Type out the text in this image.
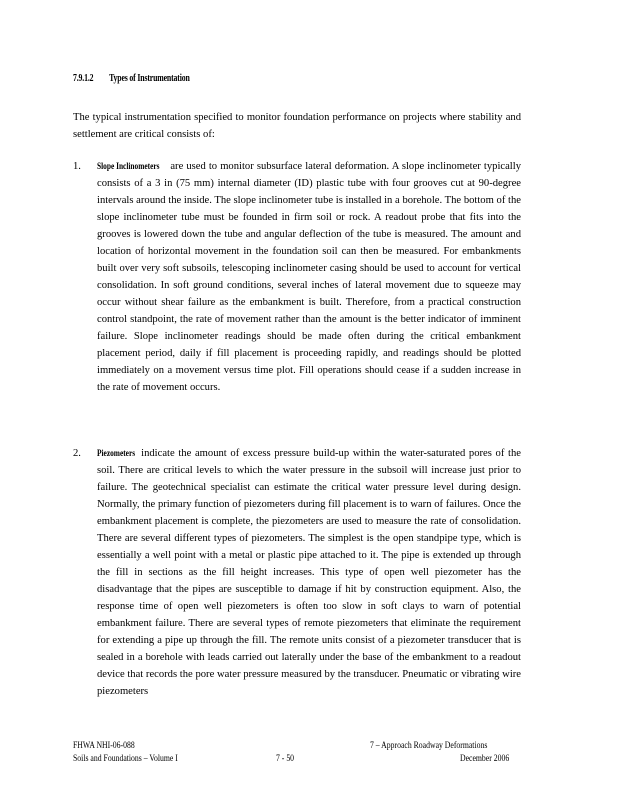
7.9.1.2 Types of Instrumentation

The typical instrumentation specified to monitor foundation performance on projects where stability and settlement are critical consists of:

1. Slope Inclinometers are used to monitor subsurface lateral deformation. A slope inclinometer typically consists of a 3 in (75 mm) internal diameter (ID) plastic tube with four grooves cut at 90-degree intervals around the inside. The slope inclinometer tube is installed in a borehole. The bottom of the slope inclinometer tube must be founded in firm soil or rock. A readout probe that fits into the grooves is lowered down the tube and angular deflection of the tube is measured. The amount and location of horizontal movement in the foundation soil can then be measured. For embankments built over very soft subsoils, telescoping inclinometer casing should be used to account for vertical consolidation. In soft ground conditions, several inches of lateral movement due to squeeze may occur without shear failure as the embankment is built. Therefore, from a practical construction control standpoint, the rate of movement rather than the amount is the better indicator of imminent failure. Slope inclinometer readings should be made often during the critical embankment placement period, daily if fill placement is proceeding rapidly, and readings should be plotted immediately on a movement versus time plot. Fill operations should cease if a sudden increase in the rate of movement occurs.
2. Piezometers indicate the amount of excess pressure build-up within the water-saturated pores of the soil. There are critical levels to which the water pressure in the subsoil will increase just prior to failure. The geotechnical specialist can estimate the critical water pressure level during design. Normally, the primary function of piezometers during fill placement is to warn of failures. Once the embankment placement is complete, the piezometers are used to measure the rate of consolidation. There are several different types of piezometers. The simplest is the open standpipe type, which is essentially a well point with a metal or plastic pipe attached to it. The pipe is extended up through the fill in sections as the fill height increases. This type of open well piezometer has the disadvantage that the pipes are susceptible to damage if hit by construction equipment. Also, the response time of open well piezometers is often too slow in soft clays to warn of potential embankment failure. There are several types of remote piezometers that eliminate the requirement for extending a pipe up through the fill. The remote units consist of a piezometer transducer that is sealed in a borehole with leads carried out laterally under the base of the embankment to a readout device that records the pore water pressure measured by the transducer. Pneumatic or vibrating wire piezometers
FHWA NHI-06-088
Soils and Foundations – Volume I	7 - 50
7 – Approach Roadway Deformations
December 2006
